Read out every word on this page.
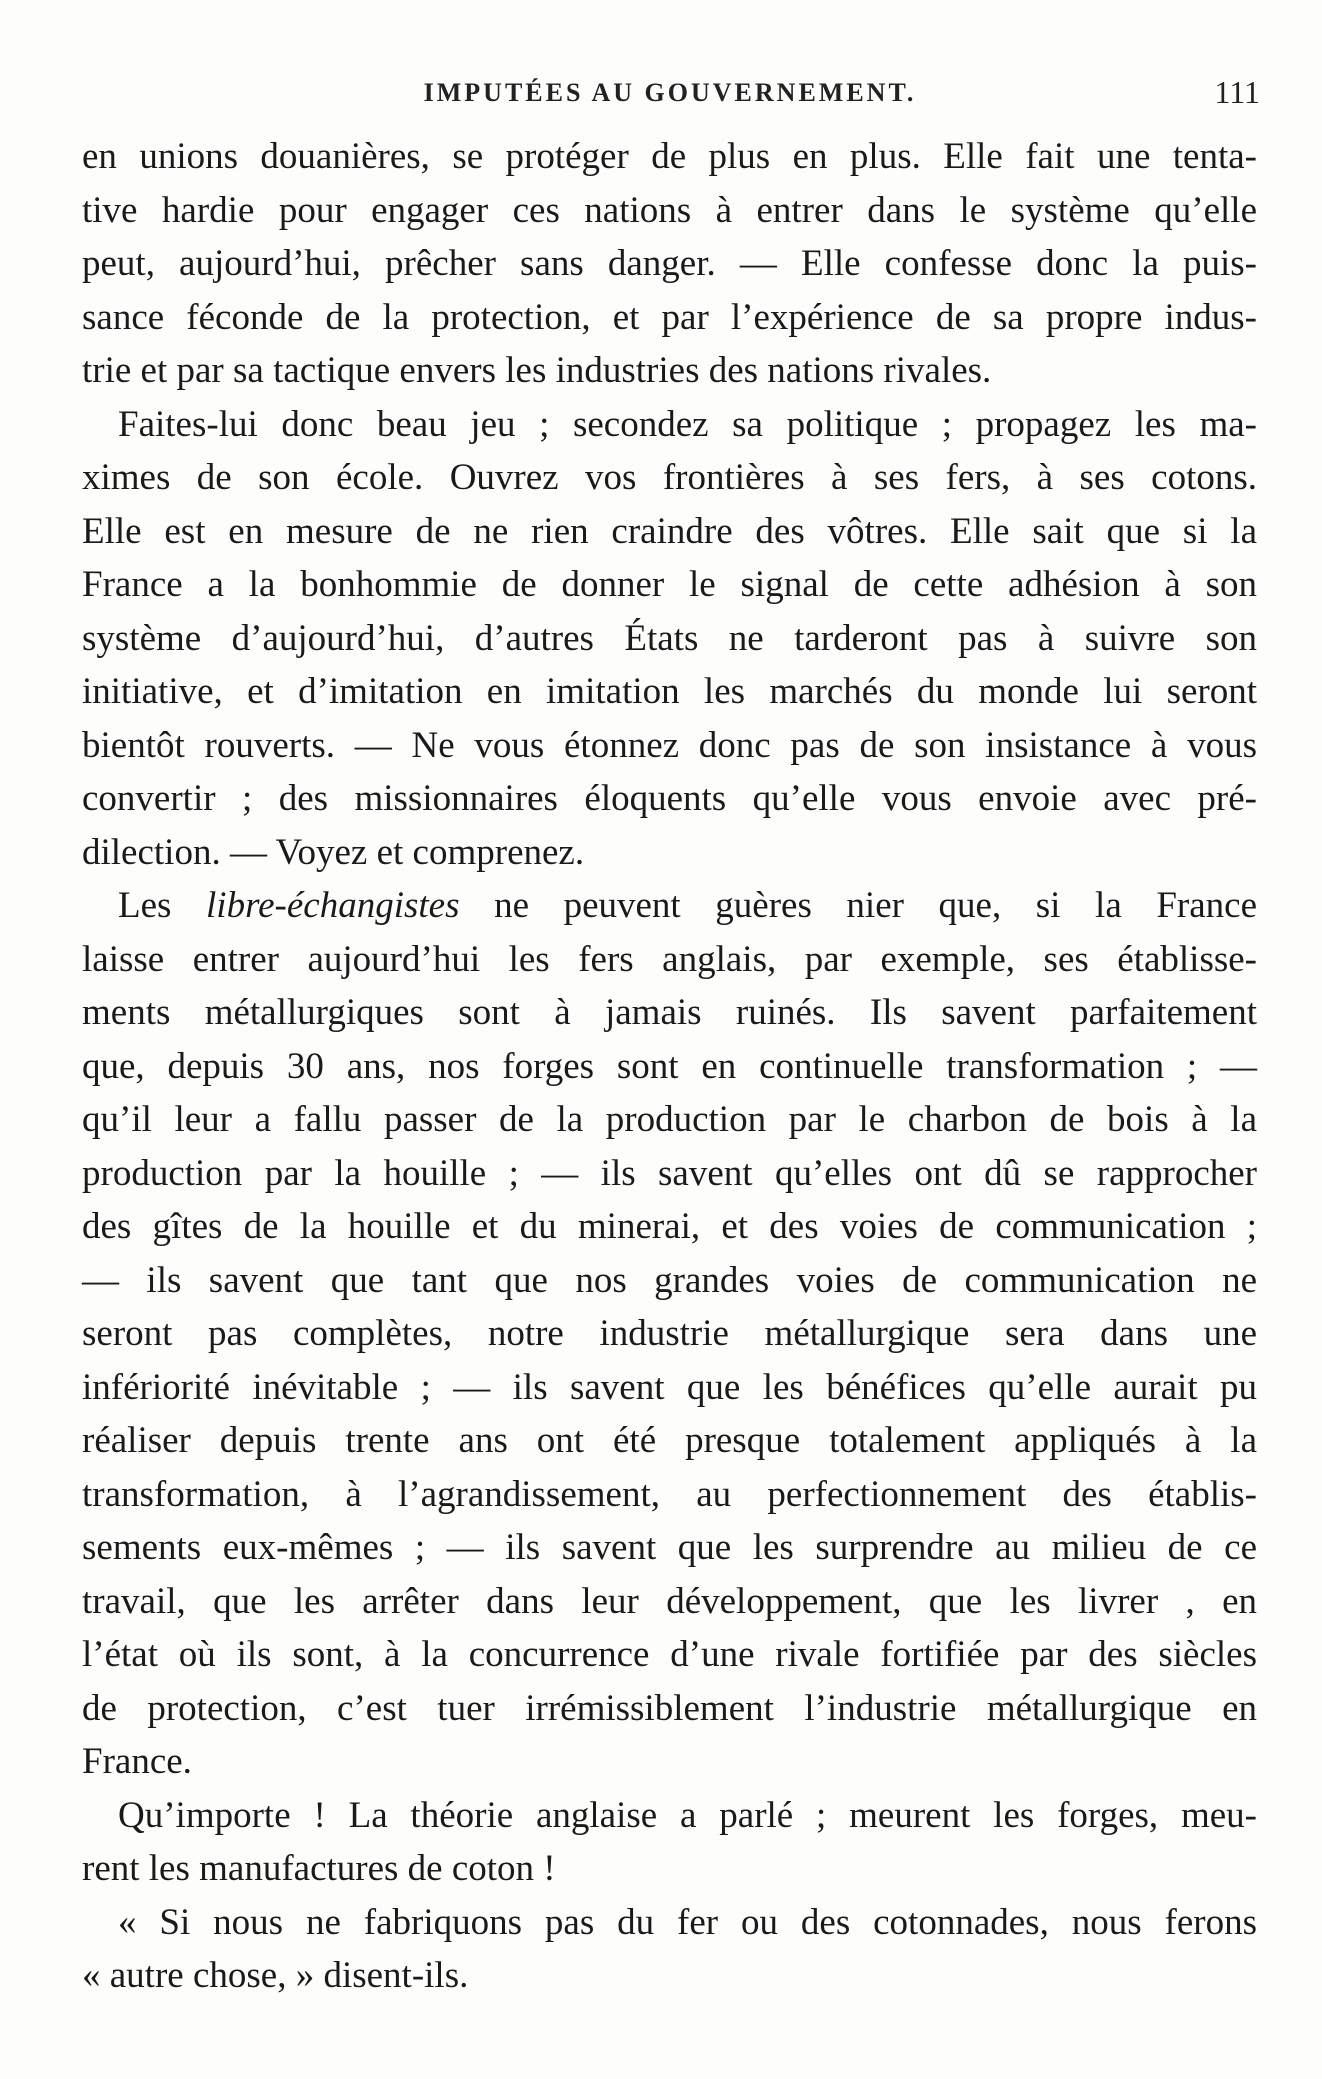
IMPUTÉES AU GOUVERNEMENT.	111
en unions douanières, se protéger de plus en plus. Elle fait une tenta-
tive hardie pour engager ces nations à entrer dans le système qu’elle
peut, aujourd’hui, prêcher sans danger. — Elle confesse donc la puis-
sance féconde de la protection, et par l’expérience de sa propre indus-
trie et par sa tactique envers les industries des nations rivales.
Faites-lui donc beau jeu ; secondez sa politique ; propagez les ma-
ximes de son école. Ouvrez vos frontières à ses fers, à ses cotons.
Elle est en mesure de ne rien craindre des vôtres. Elle sait que si la
France a la bonhommie de donner le signal de cette adhésion à son
système d’aujourd’hui, d’autres États ne tarderont pas à suivre son
initiative, et d’imitation en imitation les marchés du monde lui seront
bientôt rouverts. — Ne vous étonnez donc pas de son insistance à vous
convertir ; des missionnaires éloquents qu’elle vous envoie avec pré-
dilection. — Voyez et comprenez.
Les libre-échangistes ne peuvent guères nier que, si la France
laisse entrer aujourd’hui les fers anglais, par exemple, ses établisse-
ments métallurgiques sont à jamais ruinés. Ils savent parfaitement
que, depuis 30 ans, nos forges sont en continuelle transformation ; —
qu’il leur a fallu passer de la production par le charbon de bois à la
production par la houille ; — ils savent qu’elles ont dû se rapprocher
des gîtes de la houille et du minerai, et des voies de communication ;
— ils savent que tant que nos grandes voies de communication ne
seront pas complètes, notre industrie métallurgique sera dans une
infériorité inévitable ; — ils savent que les bénéfices qu’elle aurait pu
réaliser depuis trente ans ont été presque totalement appliqués à la
transformation, à l’agrandissement, au perfectionnement des établis-
sements eux-mêmes ; — ils savent que les surprendre au milieu de ce
travail, que les arrêter dans leur développement, que les livrer , en
l’état où ils sont, à la concurrence d’une rivale fortifiée par des siècles
de protection, c’est tuer irrémissiblement l’industrie métallurgique en
France.
Qu’importe ! La théorie anglaise a parlé ; meurent les forges, meu-
rent les manufactures de coton !
« Si nous ne fabriquons pas du fer ou des cotonnades, nous ferons
« autre chose, » disent-ils.
